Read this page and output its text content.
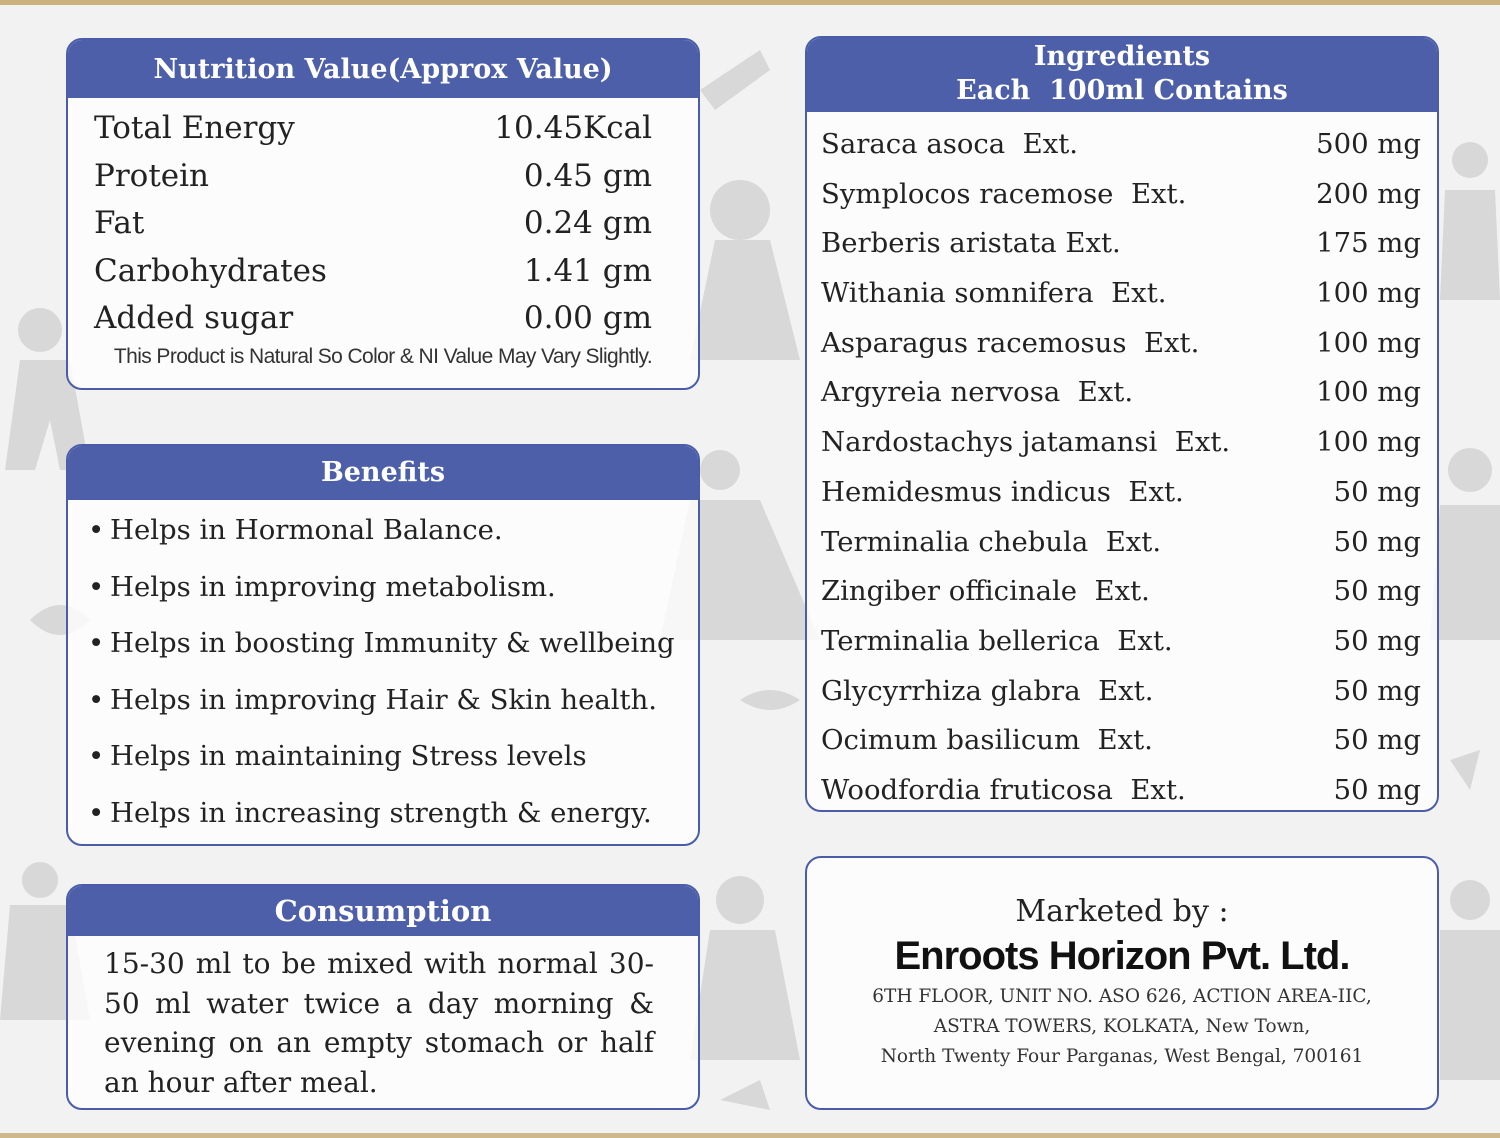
Nutrition Value(Approx Value)
Total Energy	10.45Kcal
Protein	0.45 gm
Fat	0.24 gm
Carbohydrates	1.41 gm
Added sugar	0.00 gm
This Product is Natural So Color & NI Value May Vary Slightly.
Benefits
• Helps in Hormonal Balance.
• Helps in improving metabolism.
• Helps in boosting Immunity & wellbeing
• Helps in improving Hair & Skin health.
• Helps in maintaining Stress levels
• Helps in increasing strength & energy.
Consumption
15-30 ml to be mixed with normal 30-50 ml water twice a day morning & evening on an empty stomach or half an hour after meal.
Ingredients
Each  100ml Contains
Saraca asoca  Ext.	500 mg
Symplocos racemose  Ext.	200 mg
Berberis aristata Ext.	175 mg
Withania somnifera  Ext.	100 mg
Asparagus racemosus  Ext.	100 mg
Argyreia nervosa  Ext.	100 mg
Nardostachys jatamansi  Ext.	100 mg
Hemidesmus indicus  Ext.	50 mg
Terminalia chebula  Ext.	50 mg
Zingiber officinale  Ext.	50 mg
Terminalia bellerica  Ext.	50 mg
Glycyrrhiza glabra  Ext.	50 mg
Ocimum basilicum  Ext.	50 mg
Woodfordia fruticosa  Ext.	50 mg
Marketed by :
Enroots Horizon Pvt. Ltd.
6TH FLOOR, UNIT NO. ASO 626, ACTION AREA-IIC,
ASTRA TOWERS, KOLKATA, New Town,
North Twenty Four Parganas, West Bengal, 700161
